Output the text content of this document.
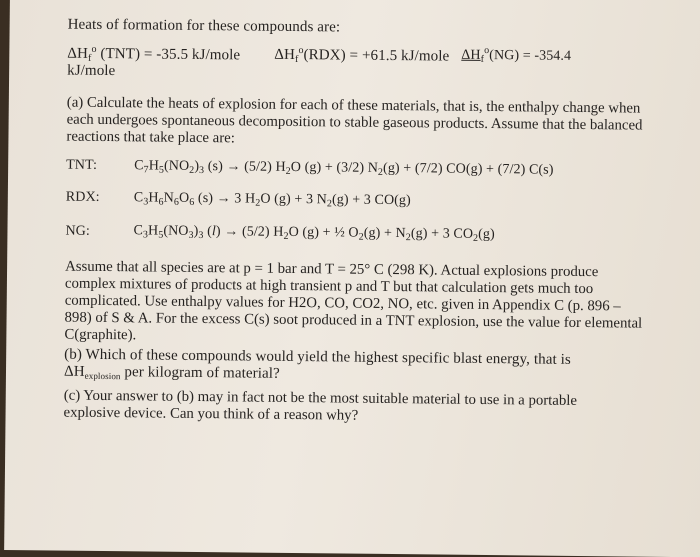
Heats of formation for these compounds are:
$\Delta H_f^o$ (TNT) = -35.5 kJ/mole
kJ/mole
$\Delta H_f^o(RDX) = +61.5$ kJ/mole $\Delta H_f^o(NG) = -354.4$
(a) Calculate the heats of explosion for each of these materials, that is, the enthalpy change when each undergoes spontaneous decomposition to stable gaseous products. Assume that the balanced reactions that take place are:
TNT:	$C_7H_5(NO_2)_3$ (s) → (5/2) $H_2O$ (g) + (3/2) $N_2(g) + (7/2) CO(g) + (7/2)$ C(s)
RDX: $C_3H_6N_6O_6$ (s) → 3 $H_2O$ (g) + 3 $N_2(g) + 3$ CO(g)
NG:	$C_3H_5(NO_3)_3$ (l) → (5/2) $H_2O$ (g) + ½ $O_2(g) + N_2(g) + 3$ $CO_2(g)$
Assume that all species are at p = 1 bar and T = 25° C (298 K). Actual explosions produce complex mixtures of products at high transient p and T but that calculation gets much too complicated. Use enthalpy values for H2O, CO, CO2, NO, etc. given in Appendix C (p. 896 – 898) of S & A. For the excess C(s) soot produced in a TNT explosion, use the value for elemental C(graphite).
(b) Which of these compounds would yield the highest specific blast energy, that is
$\Delta H_{explosion}$ per kilogram of material?
(c) Your answer to (b) may in fact not be the most suitable material to use in a portable explosive device. Can you think of a reason why?
